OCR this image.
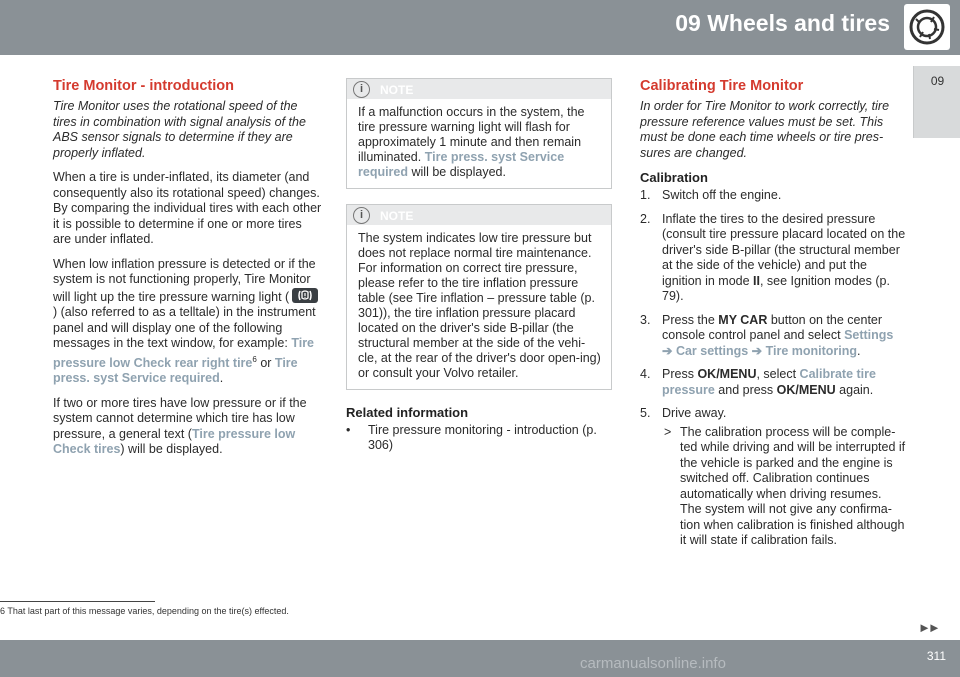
09 Wheels and tires
09
Tire Monitor - introduction
Tire Monitor uses the rotational speed of the tires in combination with signal analysis of the ABS sensor signals to determine if they are properly inflated.

When a tire is under-inflated, its diameter (and consequently also its rotational speed) changes. By comparing the individual tires with each other it is possible to determine if one or more tires are under inflated.

When low inflation pressure is detected or if the system is not functioning properly, Tire Monitor will light up the tire pressure warning light () (also referred to as a telltale) in the instrument panel and will display one of the following messages in the text window, for example: Tire pressure low Check rear right tire$^6$ or Tire press. syst Service required.

If two or more tires have low pressure or if the system cannot determine which tire has low pressure, a general text (Tire pressure low Check tires) will be displayed.

i	NOTE
If a malfunction occurs in the system, the tire pressure warning light will flash for approximately 1 minute and then remain illuminated. Tire press. syst Service required will be displayed.
i	NOTE
The system indicates low tire pressure but does not replace normal tire maintenance. For information on correct tire pressure, please refer to the tire inflation pressure table (see Tire inflation – pressure table (p. 301)), the tire inflation pressure placard located on the driver's side B-pillar (the structural member at the side of the vehi-cle, at the rear of the driver's door open-ing) or consult your Volvo retailer.
Related information
• Tire pressure monitoring - introduction (p. 306)
Calibrating Tire Monitor
In order for Tire Monitor to work correctly, tire pressure reference values must be set. This must be done each time wheels or tire pres-sures are changed.
Calibration
1. Switch off the engine.
2. Inflate the tires to the desired pressure (consult tire pressure placard located on the driver's side B-pillar (the structural member at the side of the vehicle) and put the ignition in mode II, see Ignition modes (p. 79).
3. Press the MY CAR button on the center console control panel and select Settings
➔ Car settings ➔ Tire monitoring.
4. Press OK/MENU, select Calibrate tire pressure and press OK/MENU again.
5. Drive away.
> The calibration process will be comple-ted while driving and will be interrupted if the vehicle is parked and the engine is switched off. Calibration continues automatically when driving resumes. The system will not give any confirma-tion when calibration is finished although it will state if calibration fails.
6 That last part of this message varies, depending on the tire(s) effected.
►►
311
carmanualsonline.info
